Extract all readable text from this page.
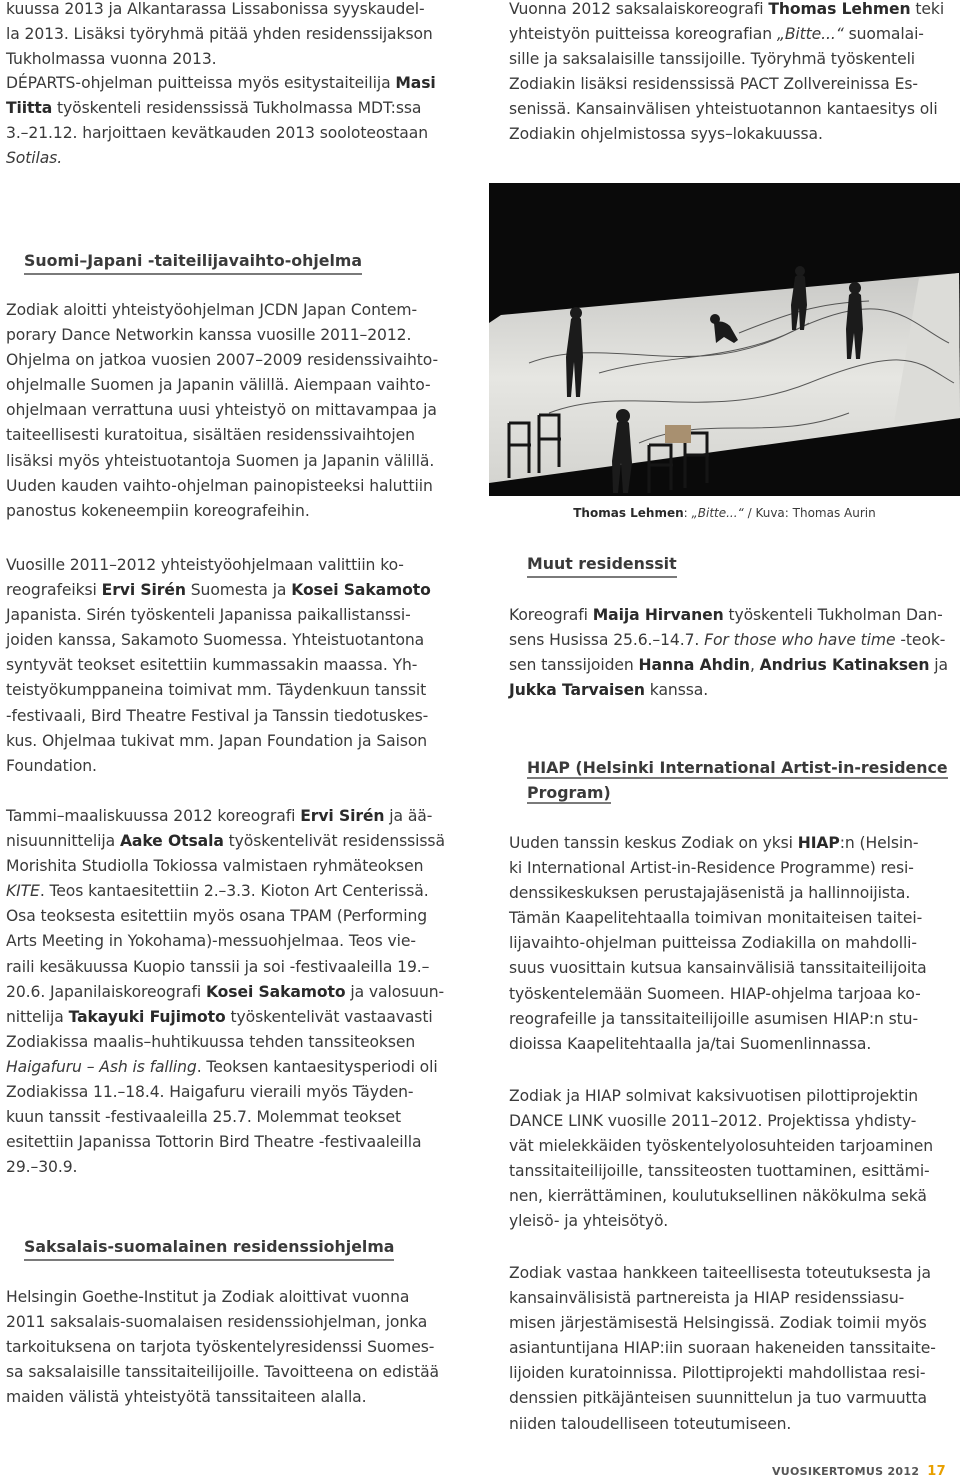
kuussa 2013 ja Alkantarassa Lissabonissa syyskaudel-

la 2013. Lisäksi työryhmä pitää yhden residenssijakson

Tukholmassa vuonna 2013.

DÉPARTS-ohjelman puitteissa myös esitystaiteilija Masi

Tiitta työskenteli residenssissä Tukholmassa MDT:ssa

3.–21.12. harjoittaen kevätkauden 2013 sooloteostaan

Sotilas.

Suomi–Japani -taiteilijavaihto-ohjelma

Zodiak aloitti yhteistyöohjelman JCDN Japan Contem-

porary Dance Networkin kanssa vuosille 2011–2012.

Ohjelma on jatkoa vuosien 2007–2009 residenssivaihto-

ohjelmalle Suomen ja Japanin välillä. Aiempaan vaihto-

ohjelmaan verrattuna uusi yhteistyö on mittavampaa ja

taiteellisesti kuratoitua, sisältäen residenssivaihtojen

lisäksi myös yhteistuotantoja Suomen ja Japanin välillä.

Uuden kauden vaihto-ohjelman painopisteeksi haluttiin

panostus kokeneempiin koreografeihin.

Vuosille 2011–2012 yhteistyöohjelmaan valittiin ko-

reografeiksi Ervi Sirén Suomesta ja Kosei Sakamoto

Japanista. Sirén työskenteli Japanissa paikallistanssi-

joiden kanssa, Sakamoto Suomessa. Yhteistuotantona

syntyvät teokset esitettiin kummassakin maassa. Yh-

teistyökumppaneina toimivat mm. Täydenkuun tanssit

-festivaali, Bird Theatre Festival ja Tanssin tiedotuskes-

kus. Ohjelmaa tukivat mm. Japan Foundation ja Saison

Foundation.

Tammi–maaliskuussa 2012 koreografi Ervi Sirén ja ää-

nisuunnittelija Aake Otsala työskentelivät residenssissä

Morishita Studiolla Tokiossa valmistaen ryhmäteoksen

KITE. Teos kantaesitettiin 2.–3.3. Kioton Art Centerissä.

Osa teoksesta esitettiin myös osana TPAM (Performing

Arts Meeting in Yokohama)-messuohjelmaa. Teos vie-

raili kesäkuussa Kuopio tanssii ja soi -festivaaleilla 19.–

20.6. Japanilaiskoreografi Kosei Sakamoto ja valosuun-

nittelija Takayuki Fujimoto työskentelivät vastaavasti

Zodiakissa maalis–huhtikuussa tehden tanssiteoksen

Haigafuru – Ash is falling. Teoksen kantaesitysperiodi oli

Zodiakissa 11.–18.4. Haigafuru vieraili myös Täyden-

kuun tanssit -festivaaleilla 25.7. Molemmat teokset

esitettiin Japanissa Tottorin Bird Theatre -festivaaleilla

29.–30.9.

Saksalais-suomalainen residenssiohjelma

Helsingin Goethe-Institut ja Zodiak aloittivat vuonna

2011 saksalais-suomalaisen residenssiohjelman, jonka

tarkoituksena on tarjota työskentelyresidenssi Suomes-

sa saksalaisille tanssitaiteilijoille. Tavoitteena on edistää

maiden välistä yhteistyötä tanssitaiteen alalla.

Vuonna 2012 saksalaiskoreografi Thomas Lehmen teki

yhteistyön puitteissa koreografian „Bitte...“ suomalai-

sille ja saksalaisille tanssijoille. Työryhmä työskenteli

Zodiakin lisäksi residenssissä PACT Zollvereinissa Es-

senissä. Kansainvälisen yhteistuotannon kantaesitys oli

Zodiakin ohjelmistossa syys–lokakuussa.

Thomas Lehmen: „Bitte...“ / Kuva: Thomas Aurin
Muut residenssit

Koreografi Maija Hirvanen työskenteli Tukholman Dan-

sens Husissa 25.6.–14.7. For those who have time -teok-

sen tanssijoiden Hanna Ahdin, Andrius Katinaksen ja

Jukka Tarvaisen kanssa.

HIAP (Helsinki International Artist-in-residence
Program)

Uuden tanssin keskus Zodiak on yksi HIAP:n (Helsin-

ki International Artist-in-Residence Programme) resi-

denssikeskuksen perustajajäsenistä ja hallinnoijista.

Tämän Kaapelitehtaalla toimivan monitaiteisen taitei-

lijavaihto-ohjelman puitteissa Zodiakilla on mahdolli-

suus vuosittain kutsua kansainvälisiä tanssitaiteilijoita

työskentelemään Suomeen. HIAP-ohjelma tarjoaa ko-

reografeille ja tanssitaiteilijoille asumisen HIAP:n stu-

dioissa Kaapelitehtaalla ja/tai Suomenlinnassa.

Zodiak ja HIAP solmivat kaksivuotisen pilottiprojektin

DANCE LINK vuosille 2011–2012. Projektissa yhdisty-

vät mielekkäiden työskentelyolosuhteiden tarjoaminen

tanssitaiteilijoille, tanssiteosten tuottaminen, esittämi-

nen, kierrättäminen, koulutuksellinen näkökulma sekä

yleisö- ja yhteisötyö.

Zodiak vastaa hankkeen taiteellisesta toteutuksesta ja

kansainvälisistä partnereista ja HIAP residenssiasu-

misen järjestämisestä Helsingissä. Zodiak toimii myös

asiantuntijana HIAP:iin suoraan hakeneiden tanssitaite-

lijoiden kuratoinnissa. Pilottiprojekti mahdollistaa resi-

denssien pitkäjänteisen suunnittelun ja tuo varmuutta

niiden taloudelliseen toteutumiseen.

VUOSIKERTOMUS 2012 17
